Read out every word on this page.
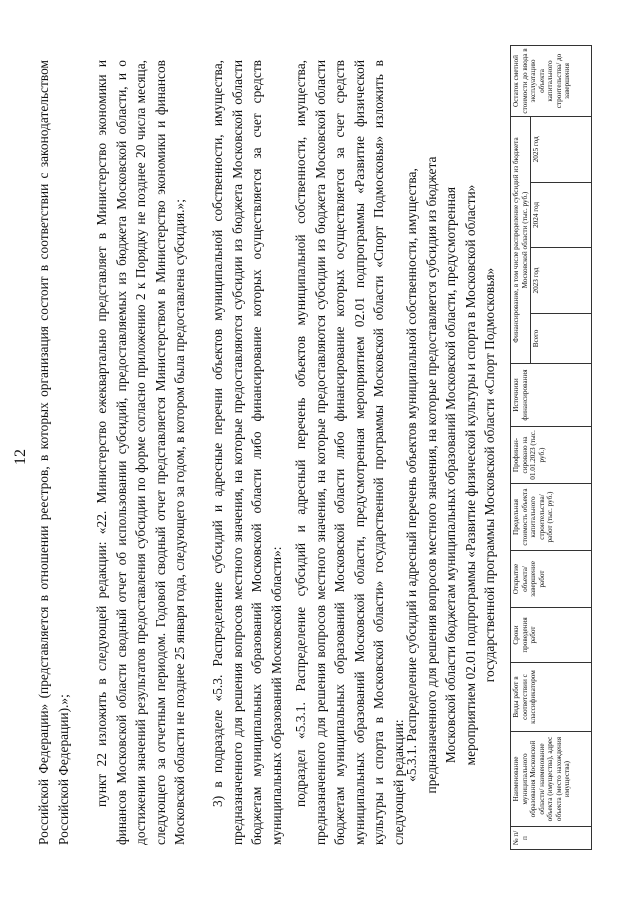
12 Российской Федерации» (представляется в отношении реестров, в которых организация состоит в соответствии с законодательством Российской Федерации).»; пункт 22 изложить в следующей редакции: «22. Министерство ежеквартально представляет в Министерство экономики и финансов Московской области сводный отчет об использовании субсидий, предоставляемых из бюджета Московской области, и о достижении значений результатов предоставления субсидии по форме согласно приложению 2 к Порядку не позднее 20 числа месяца, следующего за отчетным периодом. Годовой сводный отчет представляется Министерством в Министерство экономики и финансов Московской области не позднее 25 января года, следующего за годом, в котором была предоставлена субсидия.»; 3) в подразделе «5.3. Распределение субсидий и адресные перечни объектов муниципальной собственности, имущества, предназначенного для решения вопросов местного значения, на которые предоставляются субсидии из бюджета Московской области бюджетам муниципальных образований Московской области либо финансирование которых осуществляется за счет средств муниципальных образований Московской области»: подраздел «5.3.1. Распределение субсидий и адресный перечень объектов муниципальной собственности, имущества, предназначенного для решения вопросов местного значения, на которые предоставляются субсидии из бюджета Московской области бюджетам муниципальных образований Московской области либо финансирование которых осуществляется за счет средств муниципальных образований Московской области, предусмотренная мероприятием 02.01 подпрограммы «Развитие физической культуры и спорта в Московской области» государственной программы Московской области «Спорт Подмосковья» изложить в следующей редакции:

«5.3.1. Распределение субсидий и адресный перечень объектов муниципальной собственности, имущества, предназначенного для решения вопросов местного значения, на которые предоставляется субсидия из бюджета Московской области бюджетам муниципальных образований Московской области, предусмотренная мероприятием 02.01 подпрограммы «Развитие физической культуры и спорта в Московской области» государственной программы Московской области «Спорт Подмосковья»

№ п/п	Наименование муниципального образования Московской области/ наименование объекта (имущества), адрес объекта (место нахождения имущества)	Виды работ в соответствии с классификатором	Сроки проведения работ	Открытие объекта/ завершение работ	Предельная стоимость объекта капитального строительства/ работ (тыс. руб.)	Профинан-сировано на 01.01.2023 (тыс. руб.)	Источники финансирования	Финансирование, в том числе распределение субсидий из бюджета Московской области (тыс. руб.)				Остаток сметной стоимости до ввода в эксплуатацию объекта капитального строительства/ до завершения
								Всего	2023 год	2024 год	2025 год	
